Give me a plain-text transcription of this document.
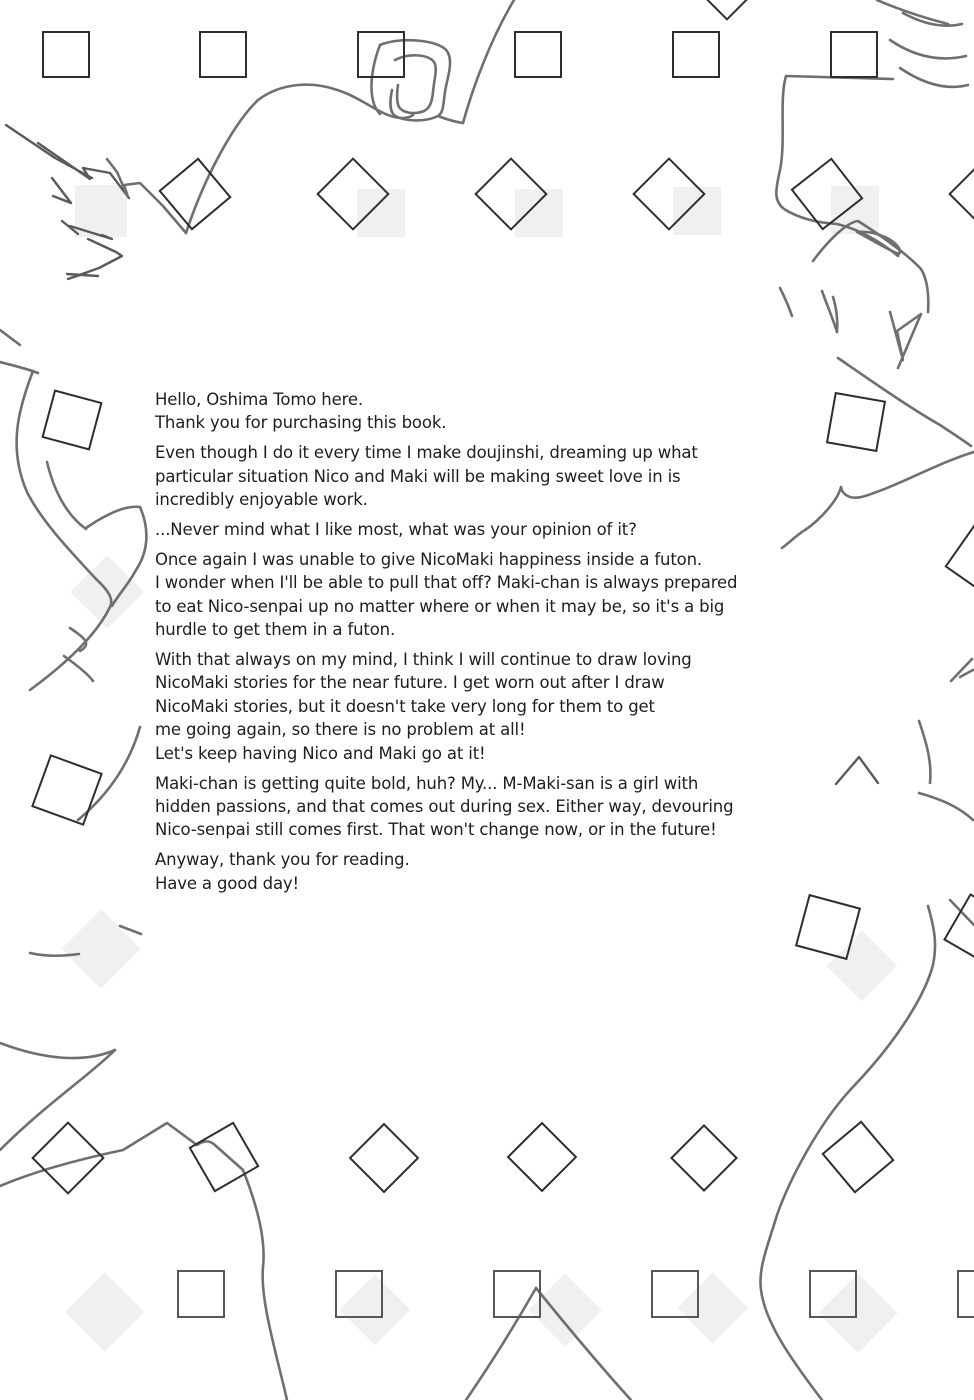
Hello, Oshima Tomo here.
Thank you for purchasing this book.

Even though I do it every time I make doujinshi, dreaming up what
particular situation Nico and Maki will be making sweet love in is
incredibly enjoyable work.

...Never mind what I like most, what was your opinion of it?

Once again I was unable to give NicoMaki happiness inside a futon.
I wonder when I'll be able to pull that off? Maki-chan is always prepared
to eat Nico-senpai up no matter where or when it may be, so it's a big
hurdle to get them in a futon.

With that always on my mind, I think I will continue to draw loving
NicoMaki stories for the near future. I get worn out after I draw
NicoMaki stories, but it doesn't take very long for them to get
me going again, so there is no problem at all!
Let's keep having Nico and Maki go at it!

Maki-chan is getting quite bold, huh? My... M-Maki-san is a girl with
hidden passions, and that comes out during sex. Either way, devouring
Nico-senpai still comes first. That won't change now, or in the future!

Anyway, thank you for reading.
Have a good day!
